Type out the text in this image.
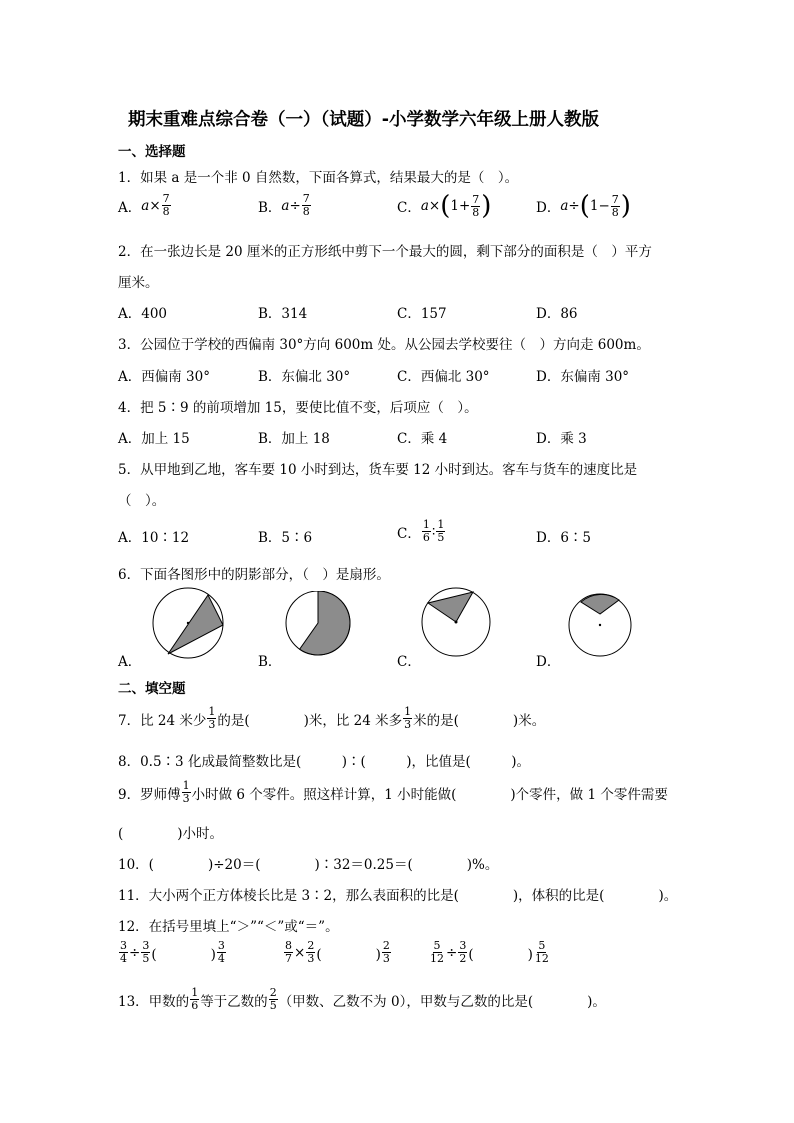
期末重难点综合卷（一）（试题）-小学数学六年级上册人教版
一、选择题
1．如果 a 是一个非 0 自然数，下面各算式，结果最大的是（　）。
A． $a \times \frac{7}{8}$	B． $a \div \frac{7}{8}$	C． a × ( $1+ \frac{7}{8}$ )	D． a ÷ ( $1- \frac{7}{8}$ )
2．在一张边长是 20 厘米的正方形纸中剪下一个最大的圆，剩下部分的面积是（　）平方
厘米。
A．400	B．314	C．157	D．86
3．公园位于学校的西偏南 30°方向 600m 处。从公园去学校要往（　）方向走 600m。
A．西偏南 30°	B．东偏北 30°	C．西偏北 30°	D．东偏南 30°
4．把 5∶9 的前项增加 15，要使比值不变，后项应（　）。
A．加上 15	B．加上 18	C．乘 4	D．乘 3
5．从甲地到乙地，客车要 10 小时到达，货车要 12 小时到达。客车与货车的速度比是
（　）。
A．10∶12	B．5∶6	C． $\frac{1}{6}$ ∶ $\frac{1}{5}$	D．6∶5
6．下面各图形中的阴影部分，（　）是扇形。
A．	B．	C．	D．
二、填空题
7．比 24 米少 $\frac{1}{3}$ 的是(　　　　)米，比 24 米多 $\frac{1}{3}$ 米的是(　　　　)米。
8．0.5∶3 化成最简整数比是(　　　)∶(　　　)，比值是(　　　)。
9．罗师傅 $\frac{1}{3}$ 小时做 6 个零件。照这样计算，1 小时能做(　　　　)个零件，做 1 个零件需要
(　　　　)小时。
10．(　　　　)÷20＝(　　　　)∶32＝0.25＝(　　　　)%。
11．大小两个正方体棱长比是 3∶2，那么表面积的比是(　　　　)，体积的比是(　　　　)。
12．在括号里填上“＞”“＜”或“＝”。
$\frac{3}{4} \div \frac{3}{5}$ (　　　　) $\frac{3}{4}$	$\frac{8}{7} \times \frac{2}{3}$ (　　　　) $\frac{2}{3}$	$\frac{5}{12} \div \frac{3}{2}$ (　　　　) $\frac{5}{12}$
13．甲数的 $\frac{1}{6}$ 等于乙数的 $\frac{2}{5}$ （甲数、乙数不为 0），甲数与乙数的比是(　　　　)。
